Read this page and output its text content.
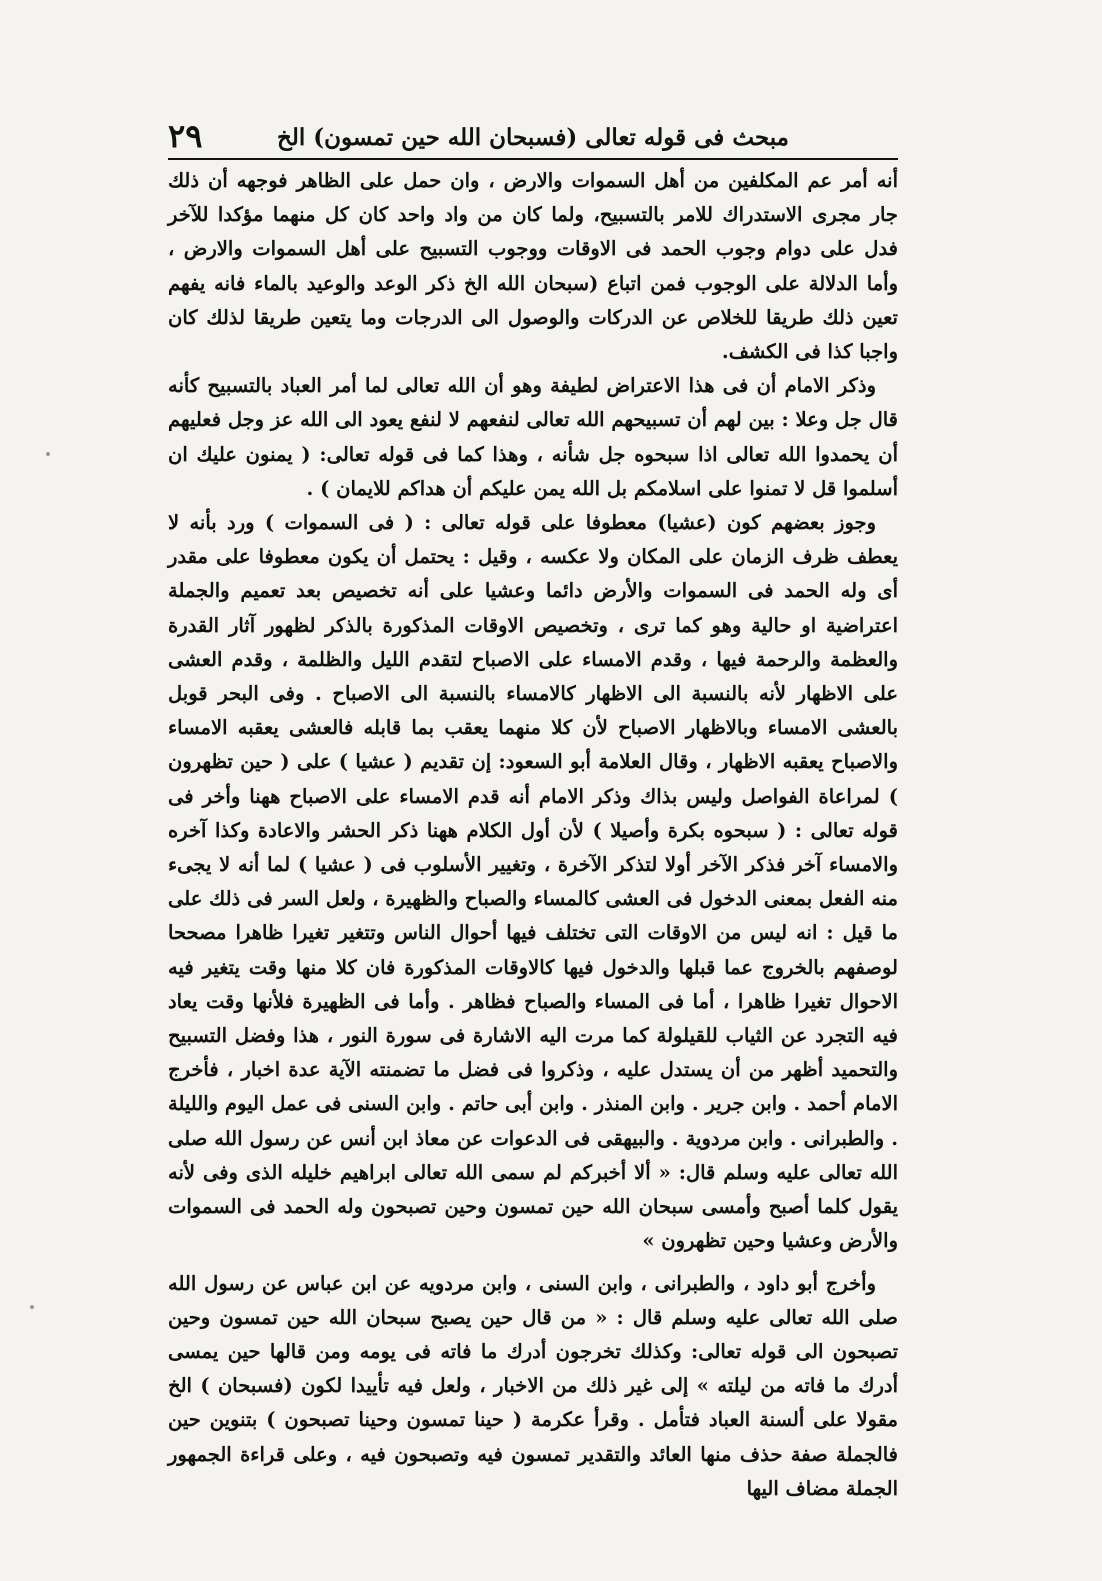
مبحث فى قوله تعالى (فسبحان الله حين تمسون) الخ
٢٩

أنه أمر عم المكلفين من أهل السموات والارض ، وان حمل على الظاهر فوجهه أن ذلك جار مجرى الاستدراك للامر بالتسبيح، ولما كان من واد واحد كان كل منهما مؤكدا للآخر فدل على دوام وجوب الحمد فى الاوقات ووجوب التسبيح على أهل السموات والارض ، وأما الدلالة على الوجوب فمن اتباع (سبحان الله الخ ذكر الوعد والوعيد بالماء فانه يفهم تعين ذلك طريقا للخلاص عن الدركات والوصول الى الدرجات وما يتعين طريقا لذلك كان واجبا كذا فى الكشف.

وذكر الامام أن فى هذا الاعتراض لطيفة وهو أن الله تعالى لما أمر العباد بالتسبيح كأنه قال جل وعلا : بين لهم أن تسبيحهم الله تعالى لنفعهم لا لنفع يعود الى الله عز وجل فعليهم أن يحمدوا الله تعالى اذا سبحوه جل شأنه ، وهذا كما فى قوله تعالى: ( يمنون عليك ان أسلموا قل لا تمنوا على اسلامكم بل الله يمن عليكم أن هداكم للايمان ) .

وجوز بعضهم كون (عشيا) معطوفا على قوله تعالى : ( فى السموات ) ورد بأنه لا يعطف ظرف الزمان على المكان ولا عكسه ، وقيل : يحتمل أن يكون معطوفا على مقدر أى وله الحمد فى السموات والأرض دائما وعشيا على أنه تخصيص بعد تعميم والجملة اعتراضية او حالية وهو كما ترى ، وتخصيص الاوقات المذكورة بالذكر لظهور آثار القدرة والعظمة والرحمة فيها ، وقدم الامساء على الاصباح لتقدم الليل والظلمة ، وقدم العشى على الاظهار لأنه بالنسبة الى الاظهار كالامساء بالنسبة الى الاصباح . وفى البحر قوبل بالعشى الامساء وبالاظهار الاصباح لأن كلا منهما يعقب بما قابله فالعشى يعقبه الامساء والاصباح يعقبه الاظهار ، وقال العلامة أبو السعود: إن تقديم ( عشيا ) على ( حين تظهرون ) لمراعاة الفواصل وليس بذاك وذكر الامام أنه قدم الامساء على الاصباح ههنا وأخر فى قوله تعالى : ( سبحوه بكرة وأصيلا ) لأن أول الكلام ههنا ذكر الحشر والاعادة وكذا آخره والامساء آخر فذكر الآخر أولا لتذكر الآخرة ، وتغيير الأسلوب فى ( عشيا ) لما أنه لا يجىء منه الفعل بمعنى الدخول فى العشى كالمساء والصباح والظهيرة ، ولعل السر فى ذلك على ما قيل : انه ليس من الاوقات التى تختلف فيها أحوال الناس وتتغير تغيرا ظاهرا مصححا لوصفهم بالخروج عما قبلها والدخول فيها كالاوقات المذكورة فان كلا منها وقت يتغير فيه الاحوال تغيرا ظاهرا ، أما فى المساء والصباح فظاهر . وأما فى الظهيرة فلأنها وقت يعاد فيه التجرد عن الثياب للقيلولة كما مرت اليه الاشارة فى سورة النور ، هذا وفضل التسبيح والتحميد أظهر من أن يستدل عليه ، وذكروا فى فضل ما تضمنته الآية عدة اخبار ، فأخرج الامام أحمد . وابن جرير . وابن المنذر . وابن أبى حاتم . وابن السنى فى عمل اليوم والليلة . والطبرانى . وابن مردوية . والبيهقى فى الدعوات عن معاذ ابن أنس عن رسول الله صلى الله تعالى عليه وسلم قال: « ألا أخبركم لم سمى الله تعالى ابراهيم خليله الذى وفى لأنه يقول كلما أصبح وأمسى سبحان الله حين تمسون وحين تصبحون وله الحمد فى السموات والأرض وعشيا وحين تظهرون »

وأخرج أبو داود ، والطبرانى ، وابن السنى ، وابن مردويه عن ابن عباس عن رسول الله صلى الله تعالى عليه وسلم قال : « من قال حين يصبح سبحان الله حين تمسون وحين تصبحون الى قوله تعالى: وكذلك تخرجون أدرك ما فاته فى يومه ومن قالها حين يمسى أدرك ما فاته من ليلته » إلى غير ذلك من الاخبار ، ولعل فيه تأييدا لكون (فسبحان ) الخ مقولا على ألسنة العباد فتأمل . وقرأ عكرمة ( حينا تمسون وحينا تصبحون ) بتنوين حين فالجملة صفة حذف منها العائد والتقدير تمسون فيه وتصبحون فيه ، وعلى قراءة الجمهور الجملة مضاف اليها
